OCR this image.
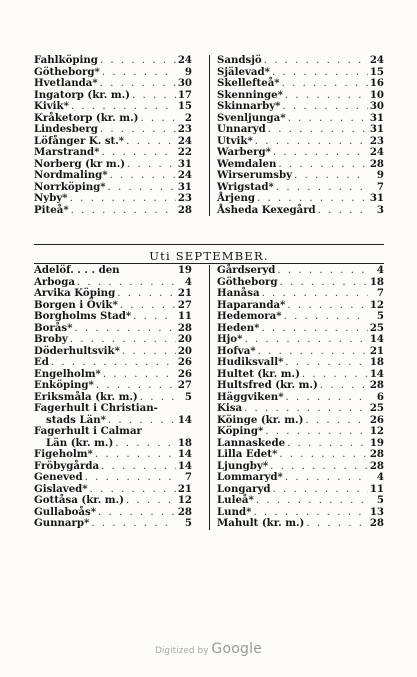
Fahlköping . . .	24
Götheborg* . . .	9
Hvetlanda* . . .	30
Ingatorp (kr. m.) . . .	17
Kivik* . . .	15
Kråketorp (kr. m.) . . .	2
Lindesberg . . .	23
Löfånger K. st.* . . .	24
Marstrand* . . .	22
Norberg (kr m.) . . .	31
Nordmaling* . . .	24
Norrköping* . . .	31
Nyby* . . .	23
Piteå* . . .	28
Sandsjö . . .	24
Själevad* . . .	15
Skellefteå* . . .	16
Skenninge* . . .	10
Skinnarby* . . .	30
Svenljunga* . . .	31
Unnaryd . . .	31
Utvik* . . .	23
Warberg* . . .	24
Wemdalen . . .	28
Wirserumsby . . .	9
Wrigstad* . . .	7
Årjeng . . .	31
Åsheda Kexegård . . .	3
Uti SEPTEMBER.
Adelöf. . . . den	19
Arboga . . .	4
Arvika Köping . . .	21
Borgen i Övik* . . .	27
Borgholms Stad* . . .	11
Borås* . . .	28
Broby . . .	20
Döderhultsvik* . . .	20
Ed . . .	26
Engelholm* . . .	26
Enköping* . . .	27
Eriksmåla (kr. m.) . . .	5
Fagerhult i Christian-
stads Län* . . .	14
Fagerhult i Calmar
Län (kr. m.) . . .	18
Figeholm* . . .	14
Fröbygårda . . .	14
Geneved . . .	7
Gislaved* . . .	21
Gottåsa (kr. m.) . . .	12
Gullaboås* . . .	28
Gunnarp* . . .	5
Gårdseryd . . .	4
Götheborg . . .	18
Hanåsa . . .	7
Haparanda* . . .	12
Hedemora* . . .	5
Heden* . . .	25
Hjo* . . .	14
Hofva* . . .	21
Hudiksvall* . . .	18
Hultet (kr. m.) . . .	14
Hultsfred (kr. m.) . . .	28
Häggviken* . . .	6
Kisa . . .	25
Köinge (kr. m.) . . .	26
Köping* . . .	12
Lannaskede . . .	19
Lilla Edet* . . .	28
Ljungby* . . .	28
Lommaryd* . . .	4
Longaryd . . .	11
Luleå* . . .	5
Lund* . . .	13
Mahult (kr. m.) . . .	28
Digitized by Google
